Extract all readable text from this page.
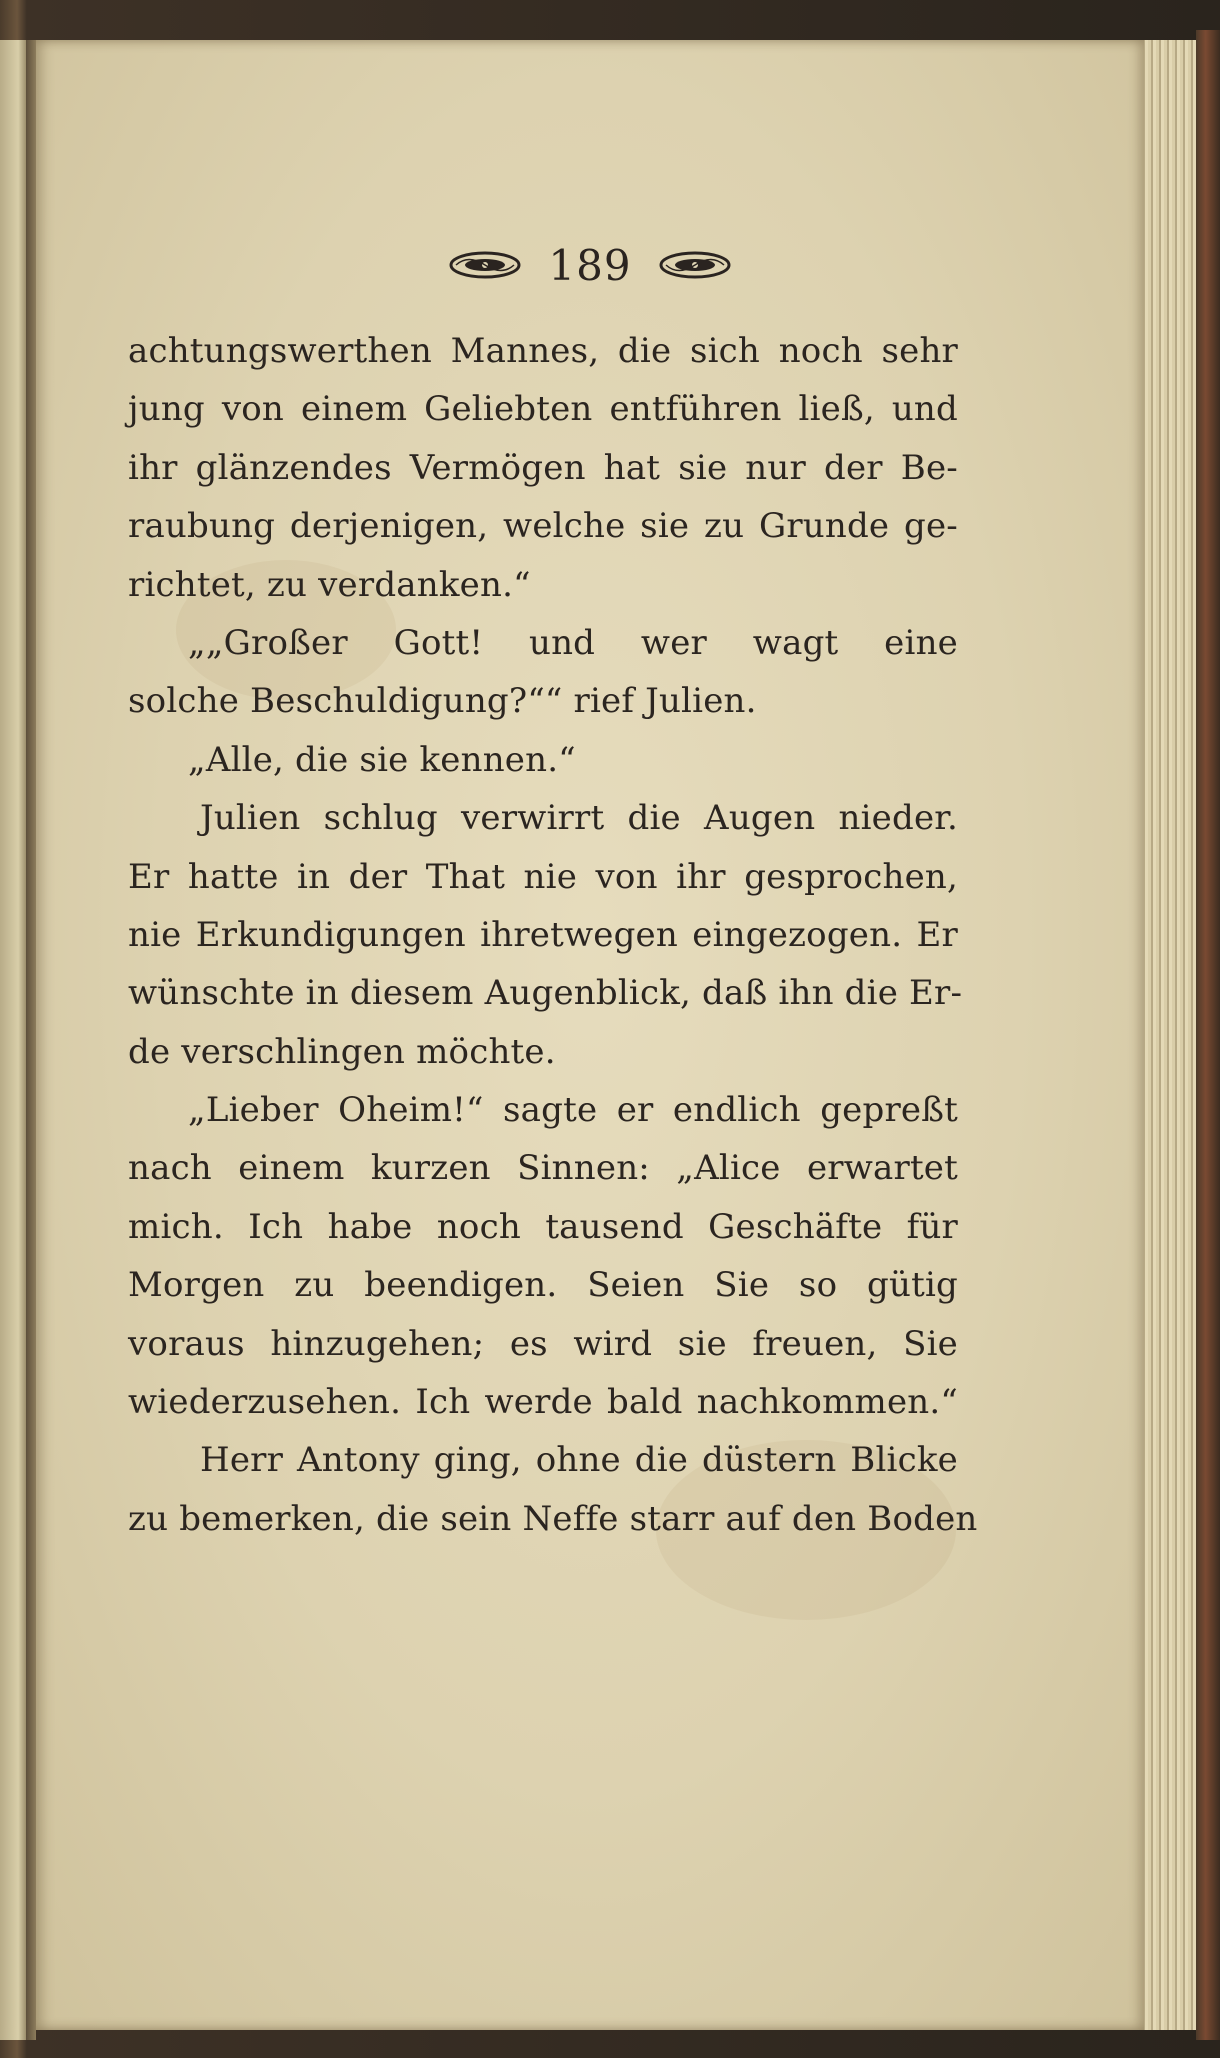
189
achtungswerthen Mannes, die sich noch sehr
jung von einem Geliebten entführen ließ, und
ihr glänzendes Vermögen hat sie nur der Be-
raubung derjenigen, welche sie zu Grunde ge-
richtet, zu verdanken.“
„„Großer Gott! und wer wagt eine
solche Beschuldigung?““ rief Julien.
„Alle, die sie kennen.“
Julien schlug verwirrt die Augen nieder.
Er hatte in der That nie von ihr gesprochen,
nie Erkundigungen ihretwegen eingezogen. Er
wünschte in diesem Augenblick, daß ihn die Er-
de verschlingen möchte.
„Lieber Oheim!“ sagte er endlich gepreßt
nach einem kurzen Sinnen: „Alice erwartet
mich. Ich habe noch tausend Geschäfte für
Morgen zu beendigen. Seien Sie so gütig
voraus hinzugehen; es wird sie freuen, Sie
wiederzusehen. Ich werde bald nachkommen.“
Herr Antony ging, ohne die düstern Blicke
zu bemerken, die sein Neffe starr auf den Boden
